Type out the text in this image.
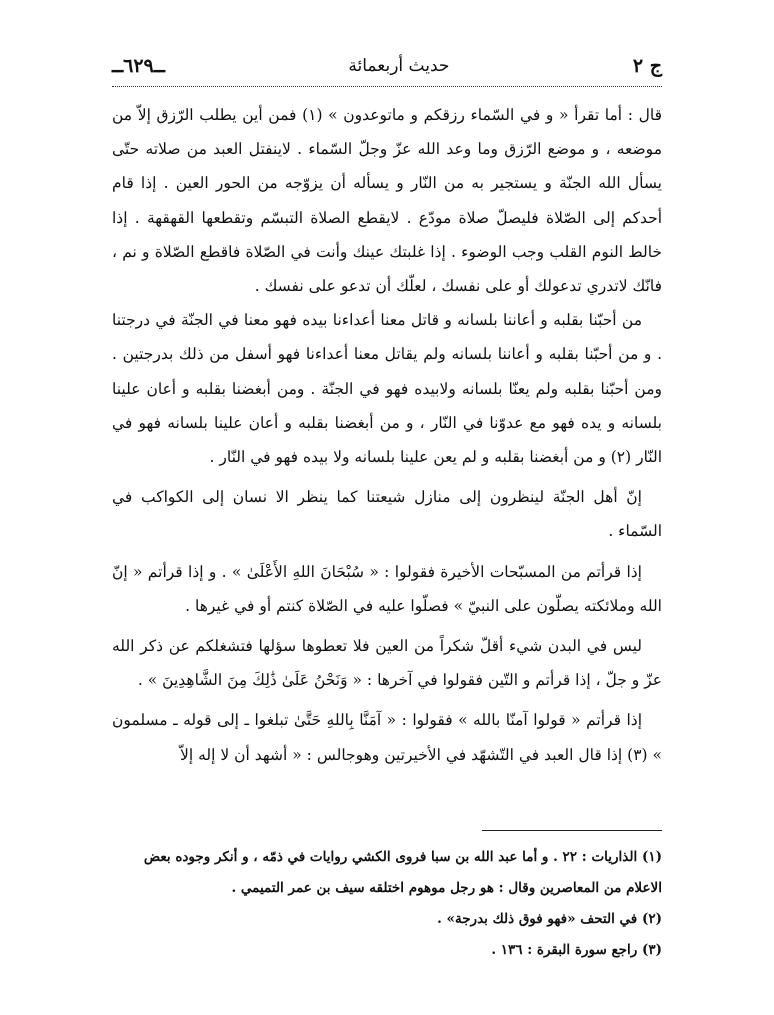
ج ٢
حديث أربعمائة
ــ٦٢٩ــ

قال : أما تقرأ « و في السّماء رزقكم و ماتوعدون » (١) فمن أين يطلب الرّزق إلاّ من موضعه ، و موضع الرّزق وما وعد الله عزّ وجلّ السّماء . لاينفتل العبد من صلاته حتّى يسأل الله الجنّة و يستجير به من النّار و يسأله أن يزوّجه من الحور العين . إذا قام أحدكم إلى الصّلاة فليصلّ صلاة مودّع . لايقطع الصلاة التبسّم وتقطعها القهقهة . إذا خالط النوم القلب وجب الوضوء . إذا غلبتك عينك وأنت في الصّلاة فاقطع الصّلاة و نم ، فانّك لاتدري تدعولك أو على نفسك ، لعلّك أن تدعو على نفسك .

من أحبّنا بقلبه و أعاننا بلسانه و قاتل معنا أعداءنا بيده فهو معنا في الجنّة في درجتنا . و من أحبّنا بقلبه و أعاننا بلسانه ولم يقاتل معنا أعداءنا فهو أسفل من ذلك بدرجتين . ومن أحبّنا بقلبه ولم يعنّا بلسانه ولابيده فهو في الجنّة . ومن أبغضنا بقلبه و أعان علينا بلسانه و يده فهو مع عدوّنا في النّار ، و من أبغضنا بقلبه و أعان علينا بلسانه فهو في النّار (٢) و من أبغضنا بقلبه و لم يعن علينا بلسانه ولا بيده فهو في النّار .

إنّ أهل الجنّة لينظرون إلى منازل شيعتنا كما ينظر الا نسان إلى الكواكب في السّماء .

إذا قرأتم من المسبّحات الأخيرة فقولوا : « سُبْحَانَ اللهِ الأَعْلَىٰ » . و إذا قرأتم « إنّ الله وملائكته يصلّون على النبيّ » فصلّوا عليه في الصّلاة كنتم أو في غيرها .

ليس في البدن شيء أقلّ شكراً من العين فلا تعطوها سؤلها فتشغلكم عن ذكر الله عزّ و جلّ ، إذا قرأتم و التّين فقولوا في آخرها : « وَنَحْنُ عَلَىٰ ذَٰلِكَ مِنَ الشَّاهِدِينَ » .

إذا قرأتم « قولوا آمنّا بالله » فقولوا : « آمَنَّا بِاللهِ حَتَّىٰ تبلغوا ـ إلى قوله ـ مسلمون » (٣) إذا قال العبد في التّشهّد في الأخيرتين وهوجالس : « أشهد أن لا إله إلاّ

(١) الذاريات : ٢٢ . و أما عبد الله بن سبا فروى الكشي روايات في ذمّه ، و أنكر وجوده بعض الاعلام من المعاصرين وقال : هو رجل موهوم اختلقه سيف بن عمر التميمي .
(٢) في التحف «فهو فوق ذلك بدرجة» .
(٣) راجع سورة البقرة : ١٣٦ .
